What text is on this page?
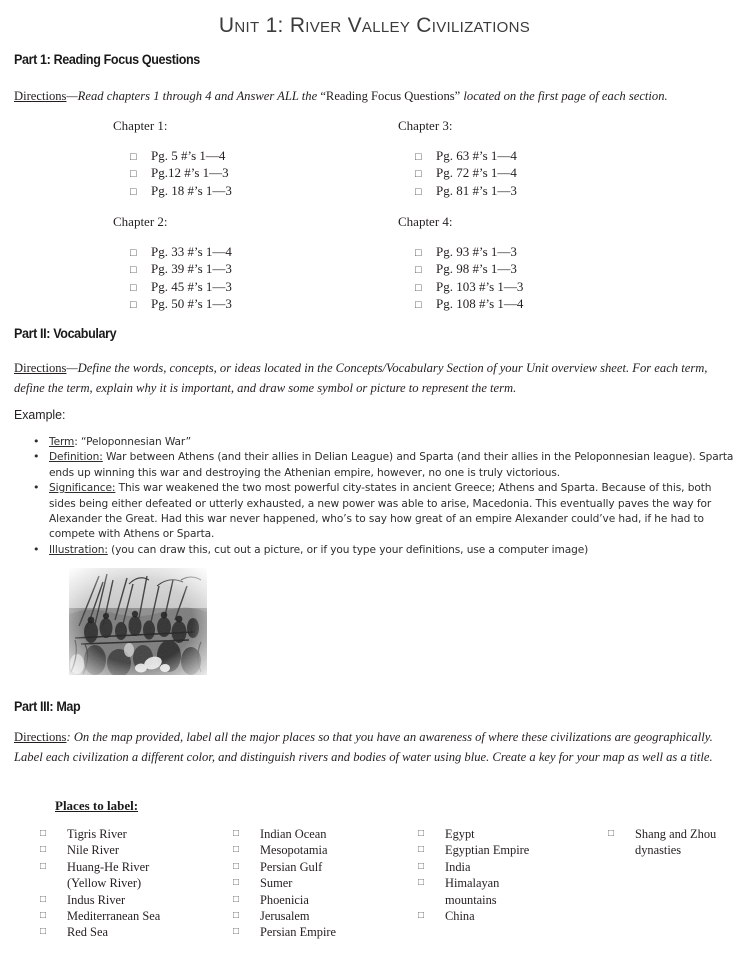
Unit 1: River Valley Civilizations
Part 1: Reading Focus Questions
Directions—Read chapters 1 through 4 and Answer ALL the “Reading Focus Questions” located on the first page of each section.
Chapter 1:
□ Pg. 5 #’s 1—4
□ Pg.12 #’s 1—3
□ Pg. 18 #’s 1—3
Chapter 2:
□ Pg. 33 #’s 1—4
□ Pg. 39 #’s 1—3
□ Pg. 45 #’s 1—3
□ Pg. 50 #’s 1—3
Chapter 3:
□ Pg. 63 #’s 1—4
□ Pg. 72 #’s 1—4
□ Pg. 81 #’s 1—3
Chapter 4:
□ Pg. 93 #’s 1—3
□ Pg. 98 #’s 1—3
□ Pg. 103 #’s 1—3
□ Pg. 108 #’s 1—4
Part II: Vocabulary
Directions—Define the words, concepts, or ideas located in the Concepts/Vocabulary Section of your Unit overview sheet. For each term, define the term, explain why it is important, and draw some symbol or picture to represent the term.
Example:
• Term: “Peloponnesian War”
• Definition: War between Athens (and their allies in Delian League) and Sparta (and their allies in the Peloponnesian league). Sparta ends up winning this war and destroying the Athenian empire, however, no one is truly victorious.
• Significance: This war weakened the two most powerful city-states in ancient Greece; Athens and Sparta. Because of this, both sides being either defeated or utterly exhausted, a new power was able to arise, Macedonia. This eventually paves the way for Alexander the Great. Had this war never happened, who’s to say how great of an empire Alexander could’ve had, if he had to compete with Athens or Sparta.
• Illustration: (you can draw this, cut out a picture, or if you type your definitions, use a computer image)
Part III: Map
Directions: On the map provided, label all the major places so that you have an awareness of where these civilizations are geographically. Label each civilization a different color, and distinguish rivers and bodies of water using blue. Create a key for your map as well as a title.
Places to label:
□ Tigris River
□ Nile River
□ Huang-He River
(Yellow River)
□ Indus River
□ Mediterranean Sea
□ Red Sea
□ Indian Ocean
□ Mesopotamia
□ Persian Gulf
□ Sumer
□ Phoenicia
□ Jerusalem
□ Persian Empire
□ Egypt
□ Egyptian Empire
□ India
□ Himalayan
mountains
□ China
□ Shang and Zhou
dynasties
